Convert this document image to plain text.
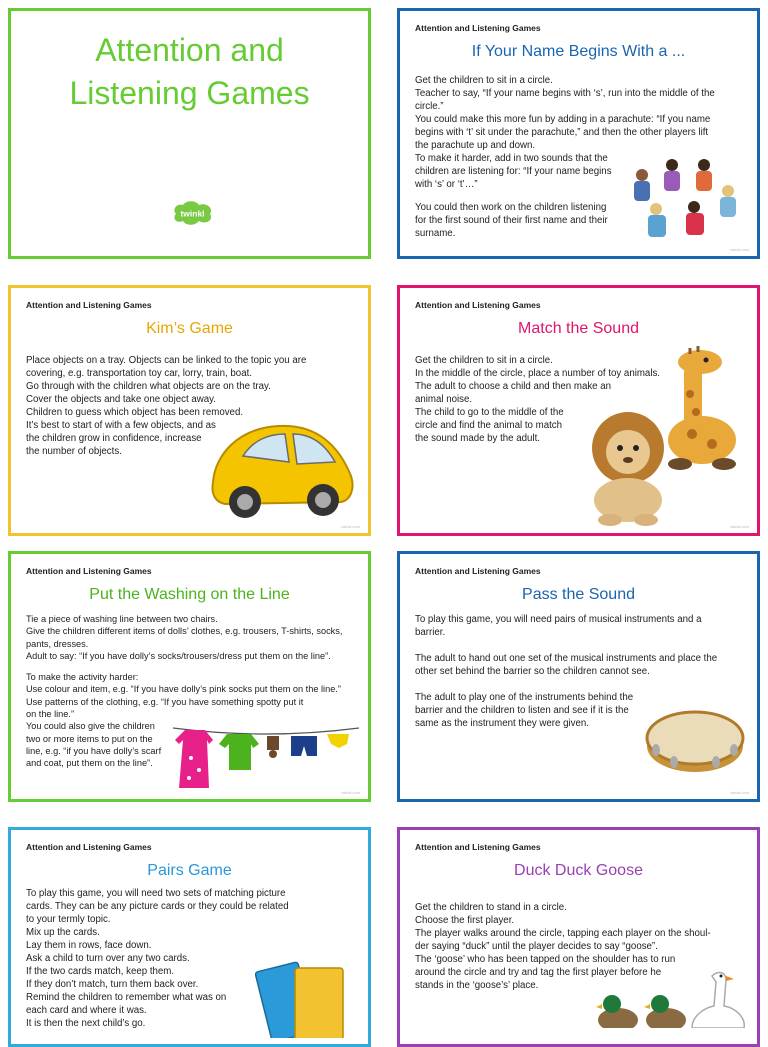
Attention and
Listening Games
twinkl
Attention and Listening Games
If Your Name Begins With a ...

Get the children to sit in a circle.

Teacher to say, “If your name begins with ‘s’, run into the middle of the

circle.”

You could make this more fun by adding in a parachute: “If you name

begins with ‘t’ sit under the parachute,” and then the other players lift

the parachute up and down.

To make it harder, add in two sounds that the

children are listening for: “If your name begins

with ‘s’ or ‘t’…”

You could then work on the children listening

for the first sound of their first name and their

surname.

twinkl.com
Attention and Listening Games
Kim’s Game

Place objects on a tray. Objects can be linked to the topic you are

covering, e.g. transportation toy car, lorry, train, boat.

Go through with the children what objects are on the tray.

Cover the objects and take one object away.

Children to guess which object has been removed.

It’s best to start of with a few objects, and as

the children grow in confidence, increase

the number of objects.

twinkl.com
Attention and Listening Games
Match the Sound

Get the children to sit in a circle.

In the middle of the circle, place a number of toy animals.

The adult to choose a child and then make an

animal noise.

The child to go to the middle of the

circle and find the animal to match

the sound made by the adult.

twinkl.com
Attention and Listening Games
Put the Washing on the Line

Tie a piece of washing line between two chairs.

Give the children different items of dolls’ clothes, e.g. trousers, T-shirts, socks,

pants, dresses.

Adult to say: “If you have dolly’s socks/trousers/dress put them on the line”.

To make the activity harder:

Use colour and item, e.g. “If you have dolly’s pink socks put them on the line.”

Use patterns of the clothing, e.g. “If you have something spotty put it

on the line.”

You could also give the children

two or more items to put on the

line, e.g. “if you have dolly’s scarf

and coat, put them on the line”.

twinkl.com
Attention and Listening Games
Pass the Sound

To play this game, you will need pairs of musical instruments and a

barrier.

The adult to hand out one set of the musical instruments and place the

other set behind the barrier so the children cannot see.

The adult to play one of the instruments behind the

barrier and the children to listen and see if it is the

same as the instrument they were given.

twinkl.com
Attention and Listening Games
Pairs Game

To play this game, you will need two sets of matching picture

cards. They can be any picture cards or they could be related

to your termly topic.

Mix up the cards.

Lay them in rows, face down.

Ask a child to turn over any two cards.

If the two cards match, keep them.

If they don’t match, turn them back over.

Remind the children to remember what was on

each card and where it was.

It is then the next child’s go.

Attention and Listening Games
Duck Duck Goose

Get the children to stand in a circle.

Choose the first player.

The player walks around the circle, tapping each player on the shoul-

der saying “duck” until the player decides to say “goose”.

The ‘goose’ who has been tapped on the shoulder has to run

around the circle and try and tag the first player before he

stands in the ‘goose’s’ place.
